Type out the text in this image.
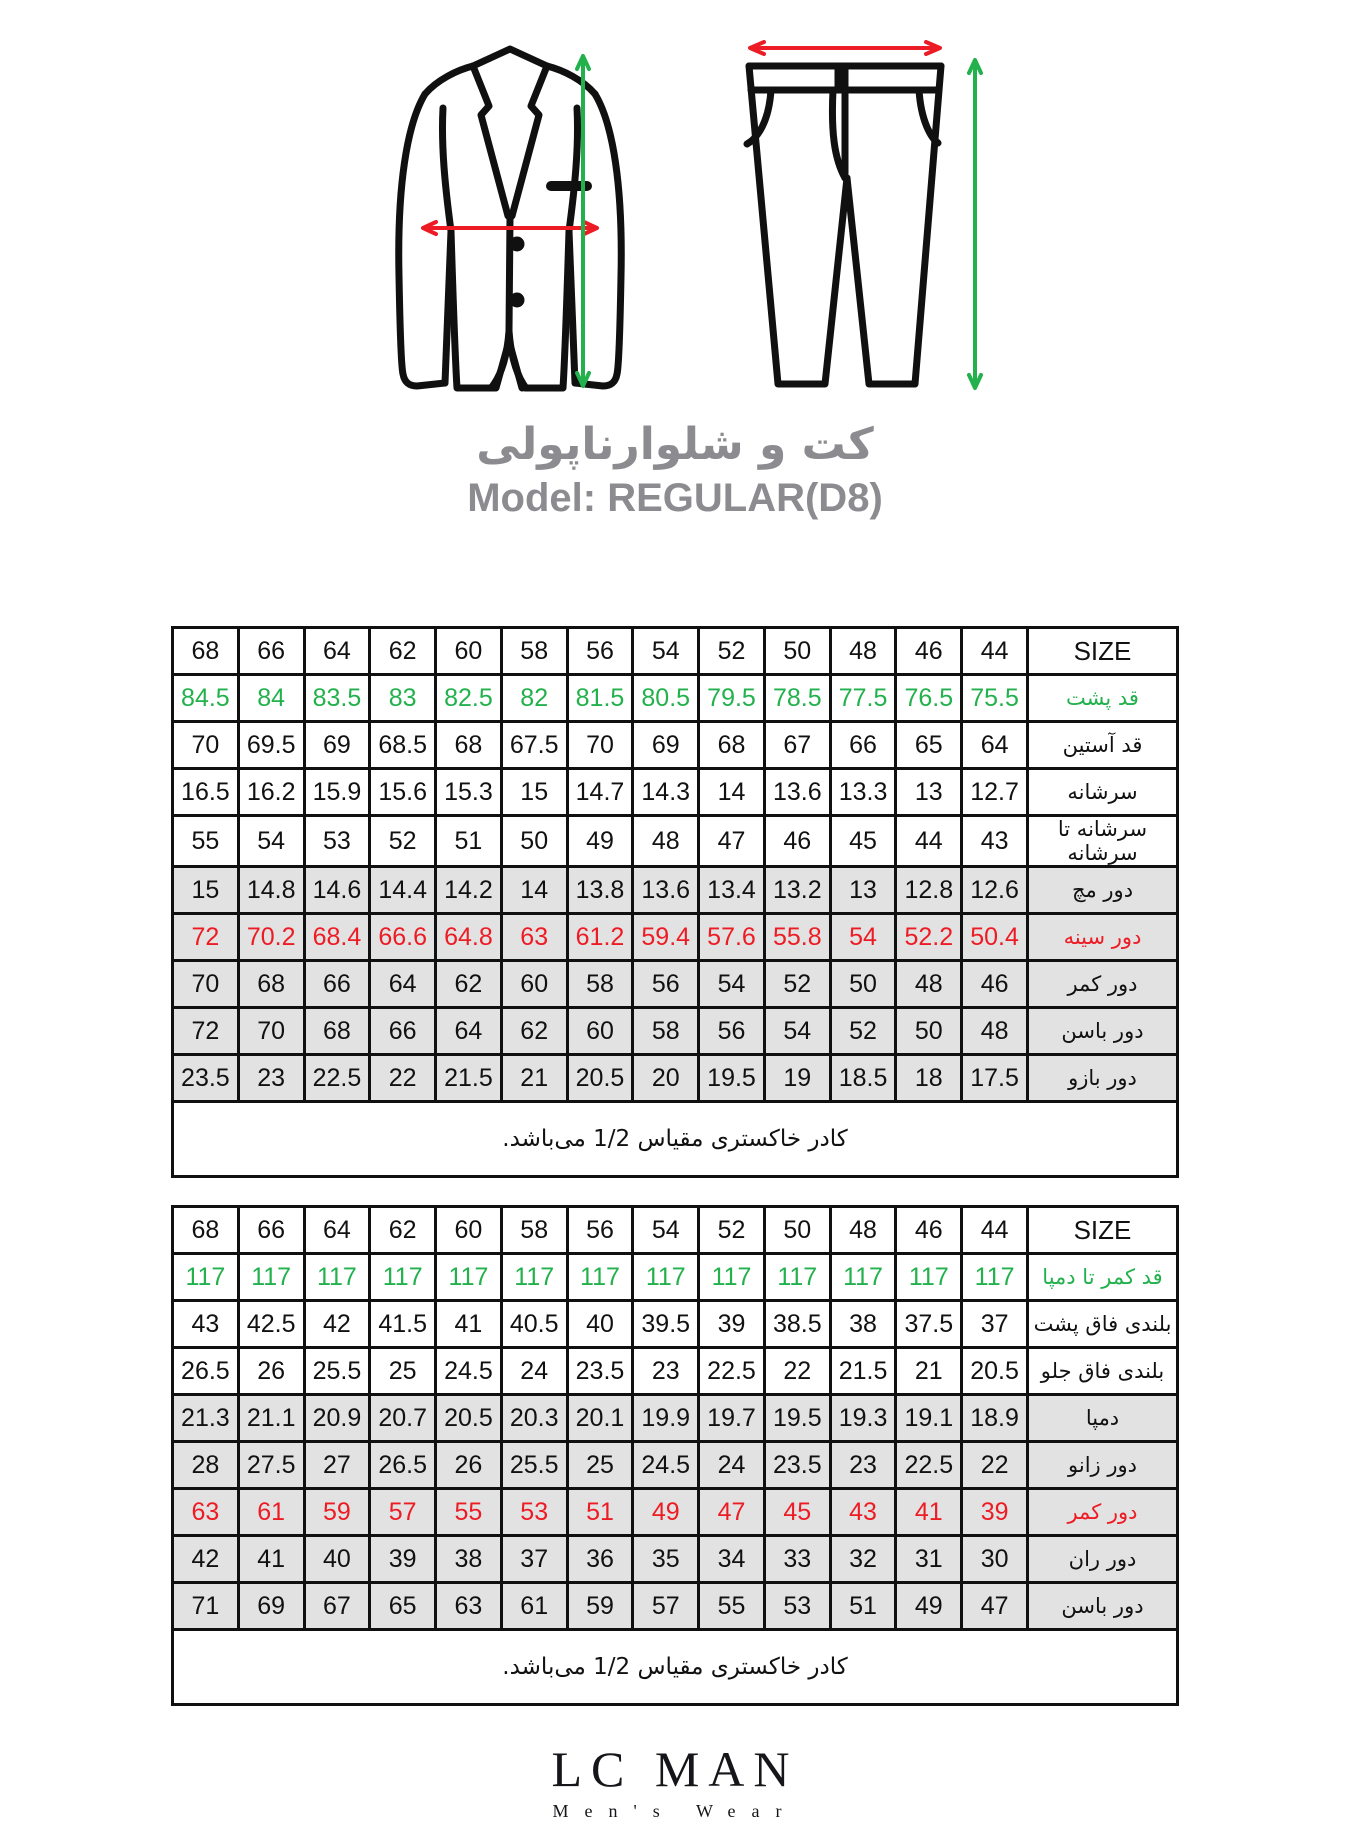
کت و شلوارناپولی
Model: REGULAR(D8)
68	66	64	62	60	58	56	54	52	50	48	46	44	SIZE
84.5	84	83.5	83	82.5	82	81.5	80.5	79.5	78.5	77.5	76.5	75.5	قد پشت
70	69.5	69	68.5	68	67.5	70	69	68	67	66	65	64	قد آستین
16.5	16.2	15.9	15.6	15.3	15	14.7	14.3	14	13.6	13.3	13	12.7	سرشانه
55	54	53	52	51	50	49	48	47	46	45	44	43	سرشانه تا سرشانه
15	14.8	14.6	14.4	14.2	14	13.8	13.6	13.4	13.2	13	12.8	12.6	دور مچ
72	70.2	68.4	66.6	64.8	63	61.2	59.4	57.6	55.8	54	52.2	50.4	دور سینه
70	68	66	64	62	60	58	56	54	52	50	48	46	دور کمر
72	70	68	66	64	62	60	58	56	54	52	50	48	دور باسن
23.5	23	22.5	22	21.5	21	20.5	20	19.5	19	18.5	18	17.5	دور بازو
کادر خاکستری مقیاس 1/2 می‌باشد.													
68	66	64	62	60	58	56	54	52	50	48	46	44	SIZE
117	117	117	117	117	117	117	117	117	117	117	117	117	قد کمر تا دمپا
43	42.5	42	41.5	41	40.5	40	39.5	39	38.5	38	37.5	37	بلندی فاق پشت
26.5	26	25.5	25	24.5	24	23.5	23	22.5	22	21.5	21	20.5	بلندی فاق جلو
21.3	21.1	20.9	20.7	20.5	20.3	20.1	19.9	19.7	19.5	19.3	19.1	18.9	دمپا
28	27.5	27	26.5	26	25.5	25	24.5	24	23.5	23	22.5	22	دور زانو
63	61	59	57	55	53	51	49	47	45	43	41	39	دور کمر
42	41	40	39	38	37	36	35	34	33	32	31	30	دور ران
71	69	67	65	63	61	59	57	55	53	51	49	47	دور باسن
کادر خاکستری مقیاس 1/2 می‌باشد.													
LC MAN
Men's Wear
